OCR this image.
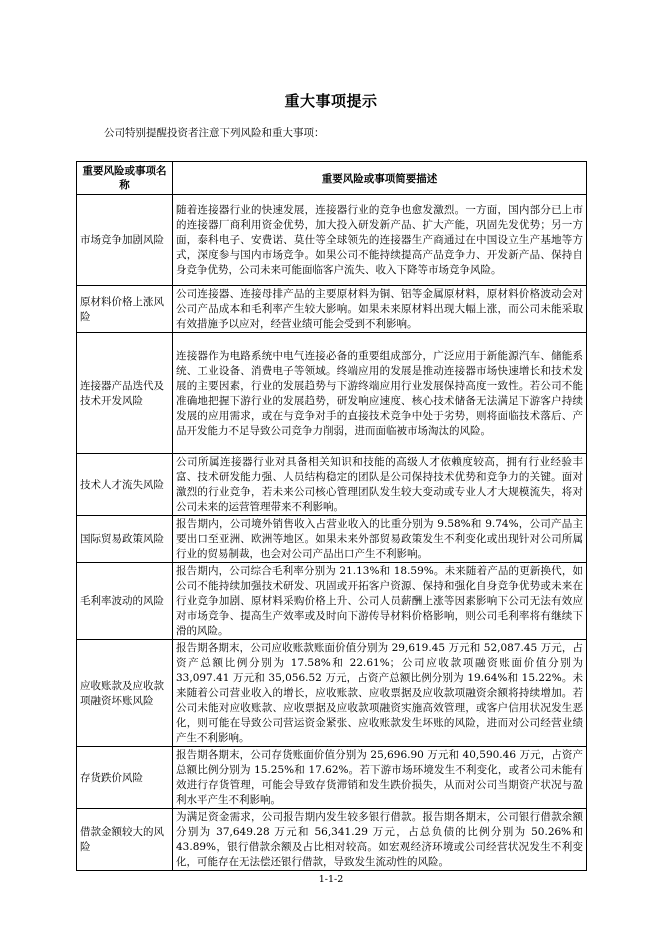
重大事项提示
公司特别提醒投资者注意下列风险和重大事项：
重要风险或事项名称	重要风险或事项简要描述
市场竞争加剧风险	随着连接器行业的快速发展，连接器行业的竞争也愈发激烈。一方面，国内部分已上市的连接器厂商利用资金优势，加大投入研发新产品、扩大产能，巩固先发优势；另一方面，泰科电子、安费诺、莫仕等全球领先的连接器生产商通过在中国设立生产基地等方式，深度参与国内市场竞争。如果公司不能持续提高产品竞争力、开发新产品、保持自身竞争优势，公司未来可能面临客户流失、收入下降等市场竞争风险。
原材料价格上涨风险	公司连接器、连接母排产品的主要原材料为铜、铝等金属原材料，原材料价格波动会对公司产品成本和毛利率产生较大影响。如果未来原材料出现大幅上涨，而公司未能采取有效措施予以应对，经营业绩可能会受到不利影响。
连接器产品迭代及技术开发风险	连接器作为电路系统中电气连接必备的重要组成部分，广泛应用于新能源汽车、储能系统、工业设备、消费电子等领域。终端应用的发展是推动连接器市场快速增长和技术发展的主要因素，行业的发展趋势与下游终端应用行业发展保持高度一致性。若公司不能准确地把握下游行业的发展趋势，研发响应速度、核心技术储备无法满足下游客户持续发展的应用需求，或在与竞争对手的直接技术竞争中处于劣势，则将面临技术落后、产品开发能力不足导致公司竞争力削弱，进而面临被市场淘汰的风险。
技术人才流失风险	公司所属连接器行业对具备相关知识和技能的高级人才依赖度较高，拥有行业经验丰富、技术研发能力强、人员结构稳定的团队是公司保持技术优势和竞争力的关键。面对激烈的行业竞争，若未来公司核心管理团队发生较大变动或专业人才大规模流失，将对公司未来的运营管理带来不利影响。
国际贸易政策风险	报告期内，公司境外销售收入占营业收入的比重分别为 9.58%和 9.74%，公司产品主要出口至亚洲、欧洲等地区。如果未来外部贸易政策发生不利变化或出现针对公司所属行业的贸易制裁，也会对公司产品出口产生不利影响。
毛利率波动的风险	报告期内，公司综合毛利率分别为 21.13%和 18.59%。未来随着产品的更新换代，如公司不能持续加强技术研发、巩固或开拓客户资源、保持和强化自身竞争优势或未来在行业竞争加剧、原材料采购价格上升、公司人员薪酬上涨等因素影响下公司无法有效应对市场竞争、提高生产效率或及时向下游传导材料价格影响，则公司毛利率将有继续下滑的风险。
应收账款及应收款项融资坏账风险	报告期各期末，公司应收账款账面价值分别为 29,619.45 万元和 52,087.45 万元，占资产总额比例分别为 17.58%和 22.61%；公司应收款项融资账面价值分别为 33,097.41 万元和 35,056.52 万元，占资产总额比例分别为 19.64%和 15.22%。未来随着公司营业收入的增长，应收账款、应收票据及应收款项融资余额将持续增加。若公司未能对应收账款、应收票据及应收款项融资实施高效管理，或客户信用状况发生恶化，则可能在导致公司营运资金紧张、应收账款发生坏账的风险，进而对公司经营业绩产生不利影响。
存货跌价风险	报告期各期末，公司存货账面价值分别为 25,696.90 万元和 40,590.46 万元，占资产总额比例分别为 15.25%和 17.62%。若下游市场环境发生不利变化，或者公司未能有效进行存货管理，可能会导致存货滞销和发生跌价损失，从而对公司当期资产状况与盈利水平产生不利影响。
借款金额较大的风险	为满足资金需求，公司报告期内发生较多银行借款。报告期各期末，公司银行借款余额分别为 37,649.28 万元和 56,341.29 万元，占总负债的比例分别为 50.26%和 43.89%，银行借款余额及占比相对较高。如宏观经济环境或公司经营状况发生不利变化，可能存在无法偿还银行借款，导致发生流动性的风险。
1-1-2
